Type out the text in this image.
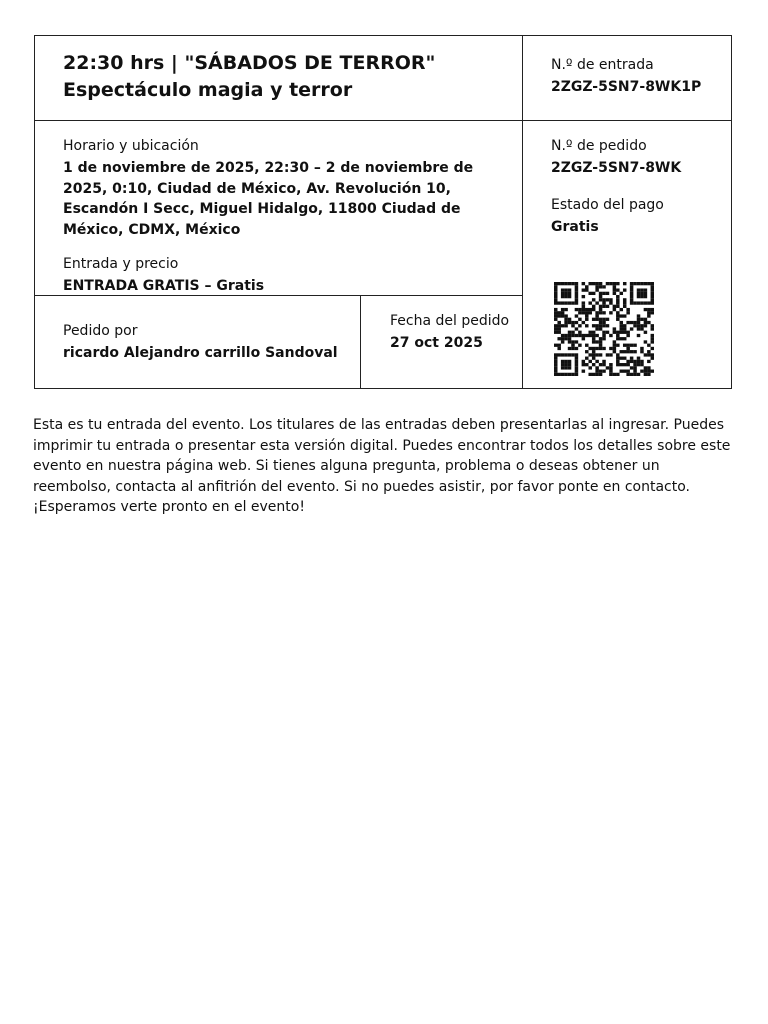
22:30 hrs | "SÁBADOS DE TERROR"
Espectáculo magia y terror
N.º de entrada
2ZGZ-5SN7-8WK1P
Horario y ubicación
1 de noviembre de 2025, 22:30 – 2 de noviembre de 2025, 0:10, Ciudad de México, Av. Revolución 10, Escandón I Secc, Miguel Hidalgo, 11800 Ciudad de México, CDMX, México
Entrada y precio
ENTRADA GRATIS – Gratis
N.º de pedido
2ZGZ-5SN7-8WK
Estado del pago
Gratis
Pedido por
ricardo Alejandro carrillo Sandoval
Fecha del pedido
27 oct 2025

Esta es tu entrada del evento. Los titulares de las entradas deben presentarlas al ingresar. Puedes imprimir tu entrada o presentar esta versión digital. Puedes encontrar todos los detalles sobre este evento en nuestra página web. Si tienes alguna pregunta, problema o deseas obtener un reembolso, contacta al anfitrión del evento. Si no puedes asistir, por favor ponte en contacto. ¡Esperamos verte pronto en el evento!
